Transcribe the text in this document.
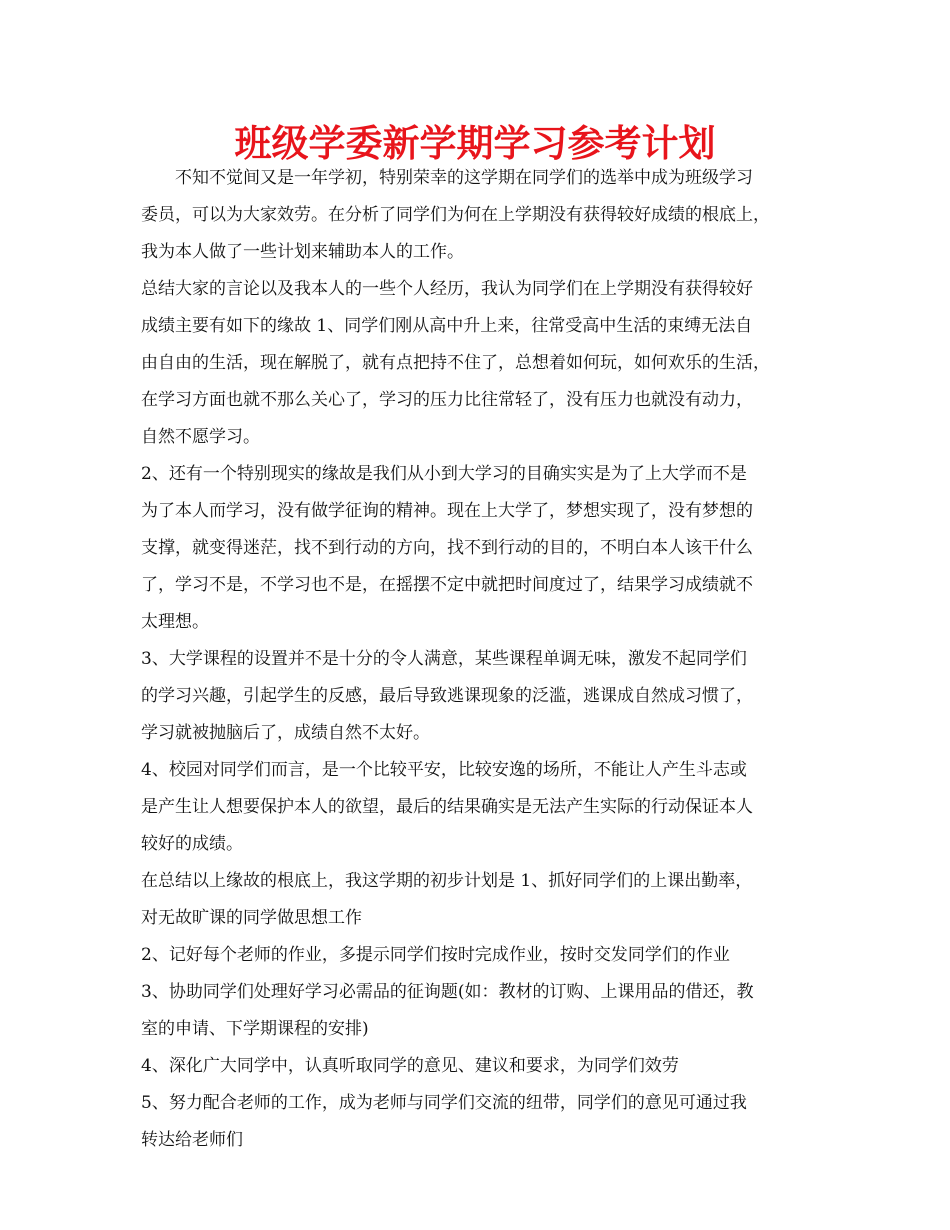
班级学委新学期学习参考计划

　　不知不觉间又是一年学初，特别荣幸的这学期在同学们的选举中成为班级学习

委员，可以为大家效劳。在分析了同学们为何在上学期没有获得较好成绩的根底上，

我为本人做了一些计划来辅助本人的工作。

总结大家的言论以及我本人的一些个人经历，我认为同学们在上学期没有获得较好

成绩主要有如下的缘故 1、同学们刚从高中升上来，往常受高中生活的束缚无法自

由自由的生活，现在解脱了，就有点把持不住了，总想着如何玩，如何欢乐的生活，

在学习方面也就不那么关心了，学习的压力比往常轻了，没有压力也就没有动力，

自然不愿学习。

2、还有一个特别现实的缘故是我们从小到大学习的目确实实是为了上大学而不是

为了本人而学习，没有做学征询的精神。现在上大学了，梦想实现了，没有梦想的

支撑，就变得迷茫，找不到行动的方向，找不到行动的目的，不明白本人该干什么

了，学习不是，不学习也不是，在摇摆不定中就把时间度过了，结果学习成绩就不

太理想。

3、大学课程的设置并不是十分的令人满意，某些课程单调无味，激发不起同学们

的学习兴趣，引起学生的反感，最后导致逃课现象的泛滥，逃课成自然成习惯了，

学习就被抛脑后了，成绩自然不太好。

4、校园对同学们而言，是一个比较平安，比较安逸的场所，不能让人产生斗志或

是产生让人想要保护本人的欲望，最后的结果确实是无法产生实际的行动保证本人

较好的成绩。

在总结以上缘故的根底上，我这学期的初步计划是 1、抓好同学们的上课出勤率，

对无故旷课的同学做思想工作

2、记好每个老师的作业，多提示同学们按时完成作业，按时交发同学们的作业

3、协助同学们处理好学习必需品的征询题(如：教材的订购、上课用品的借还，教

室的申请、下学期课程的安排)

4、深化广大同学中，认真听取同学的意见、建议和要求，为同学们效劳

5、努力配合老师的工作，成为老师与同学们交流的纽带，同学们的意见可通过我

转达给老师们
